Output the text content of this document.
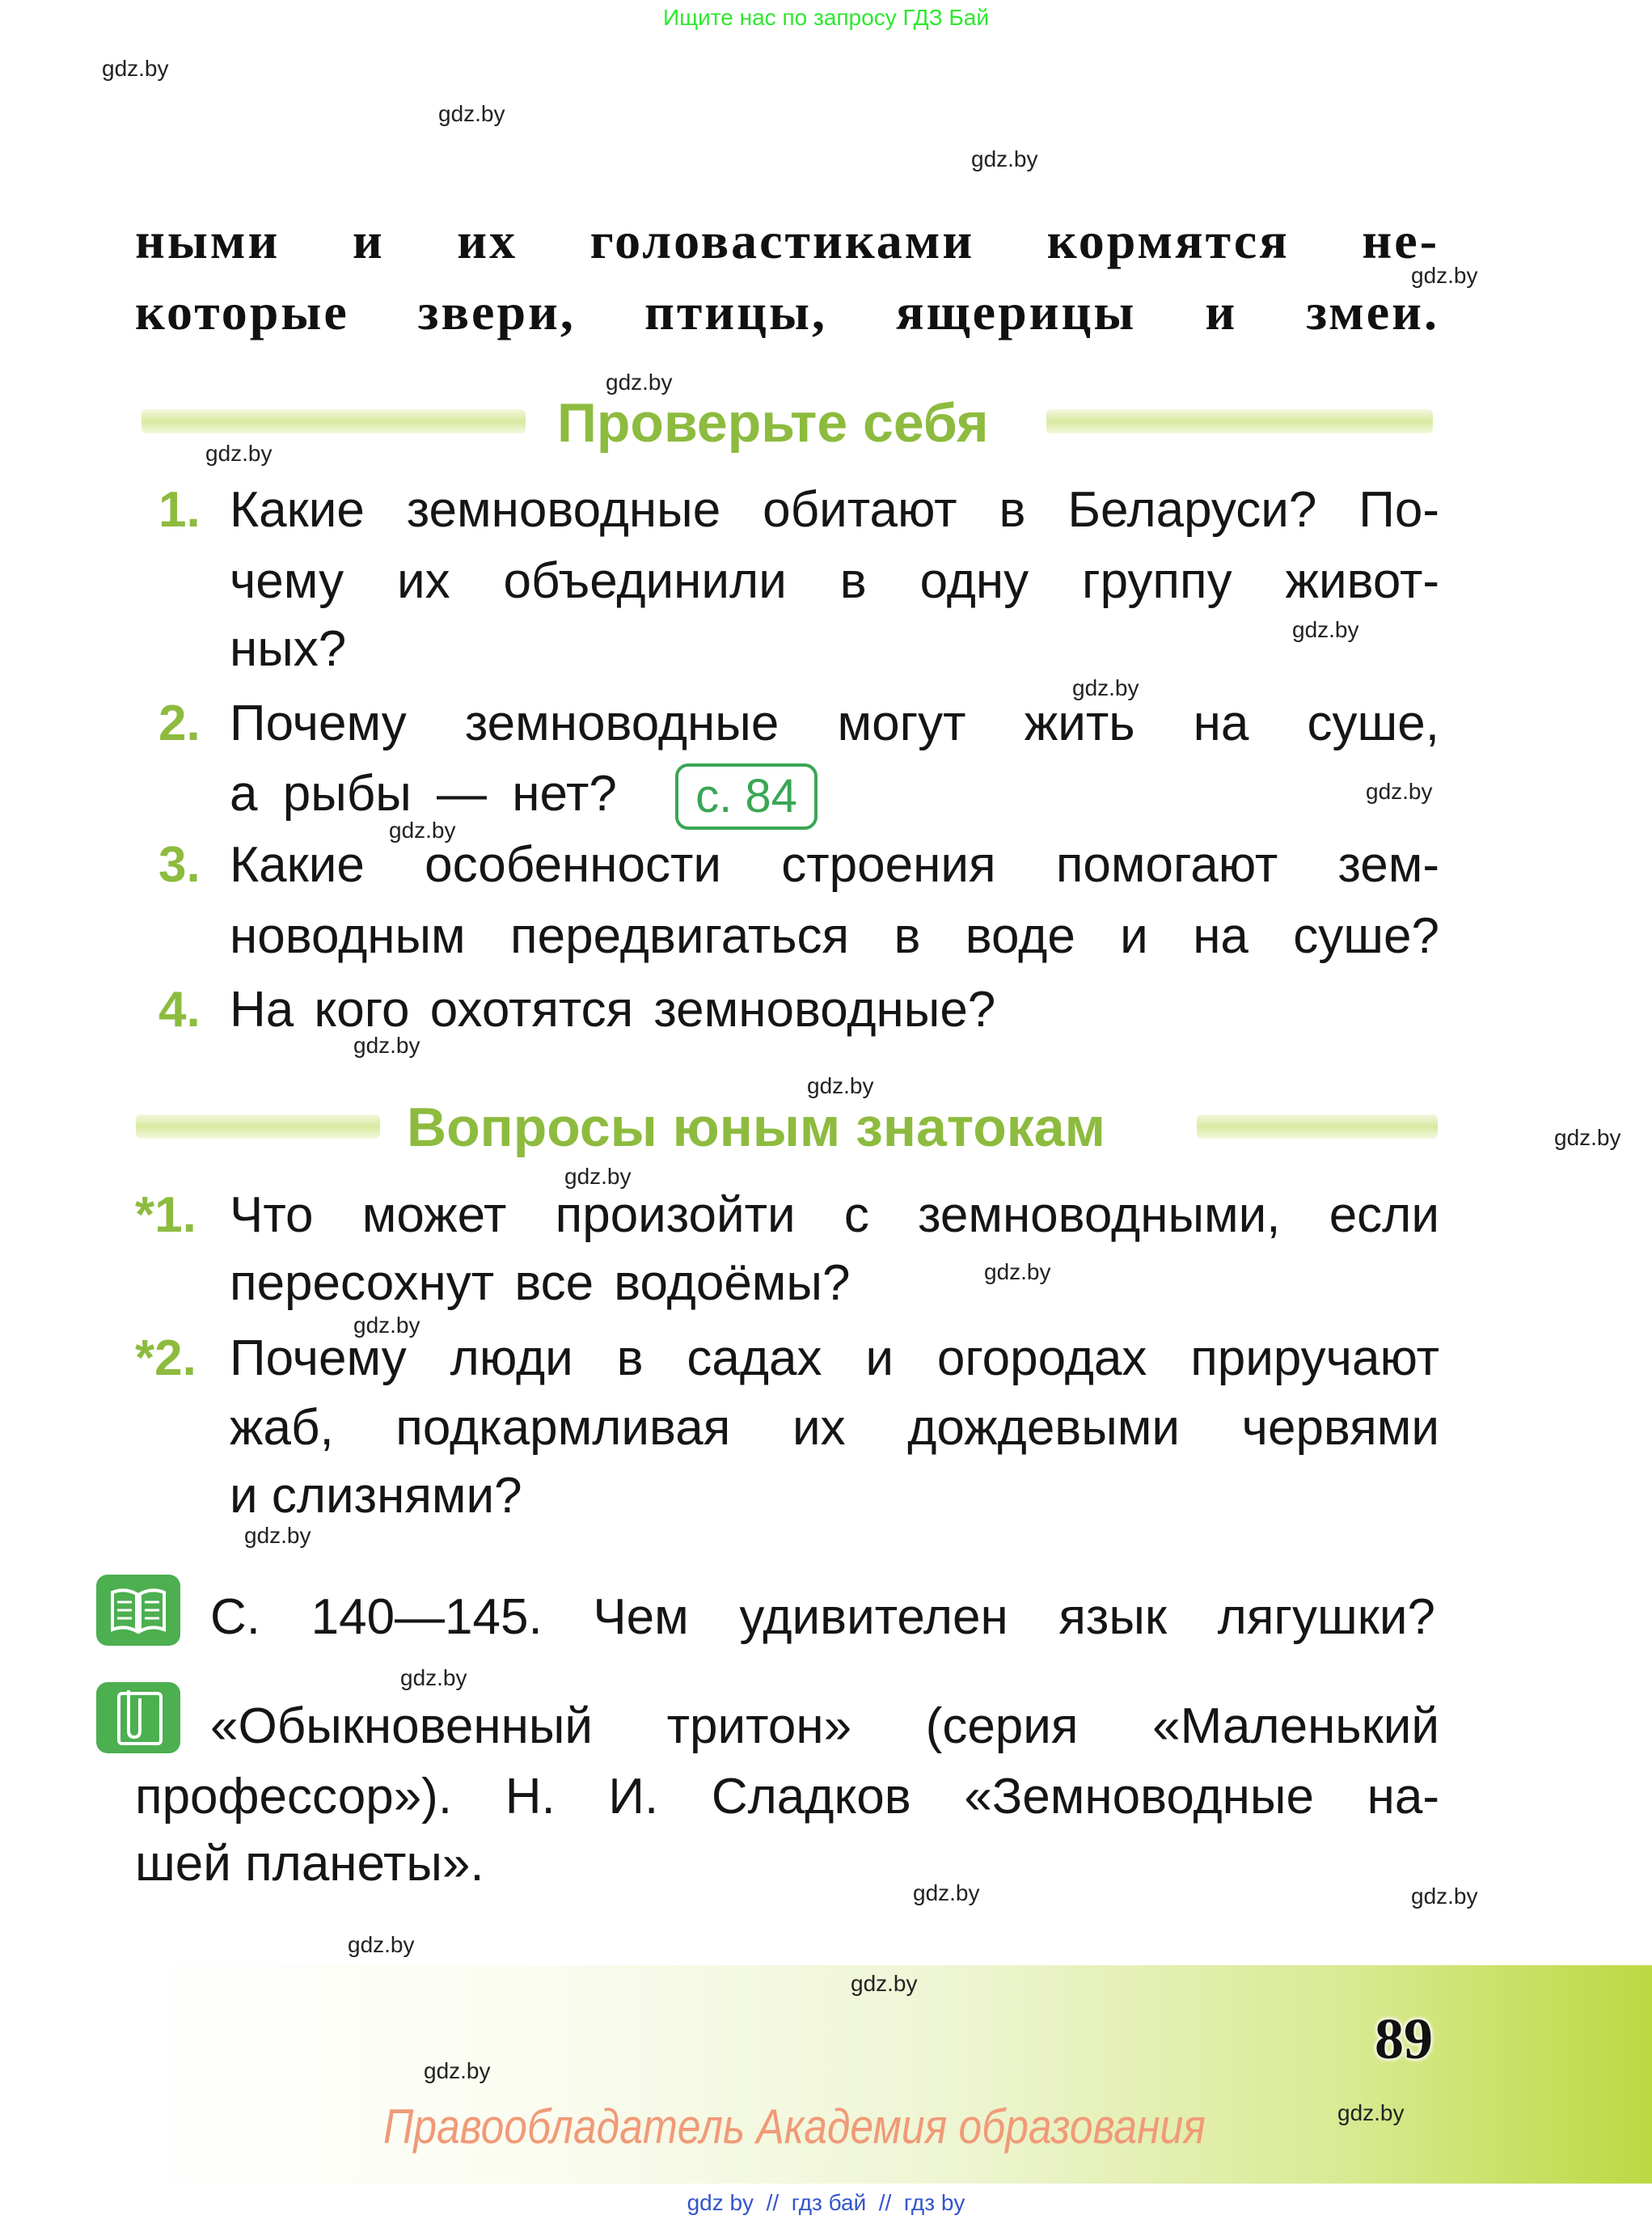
Ищите нас по запросу ГДЗ Бай
gdz.by
gdz.by
gdz.by
gdz.by
gdz.by
gdz.by
gdz.by
gdz.by
gdz.by
gdz.by
gdz.by
gdz.by
gdz.by
gdz.by
gdz.by
gdz.by
gdz.by
gdz.by
ными и их головастиками кормятся не-
которые звери, птицы, ящерицы и змеи.
Проверьте себя
1. Какие земноводные обитают в Беларуси? По-
чему их объединили в одну группу живот-
ных?
2. Почему земноводные могут жить на суше,
а рыбы — нет?	с. 84
3. Какие особенности строения помогают зем-
новодным передвигаться в воде и на суше?
4. На кого охотятся земноводные?
Вопросы юным знатокам
*1. Что может произойти с земноводными, если
пересохнут все водоёмы?
*2. Почему люди в садах и огородах приручают
жаб, подкармливая их дождевыми червями
и слизнями?
С. 140—145. Чем удивителен язык лягушки?
«Обыкновенный тритон» (серия «Маленький
профессор»). Н. И. Сладков «Земноводные на-
шей планеты».
gdz.by	gdz.by
gdz.by
gdz.by
gdz.by
gdz.by
89
Правообладатель Академия образования
gdz by  //  гдз бай  //  гдз by
